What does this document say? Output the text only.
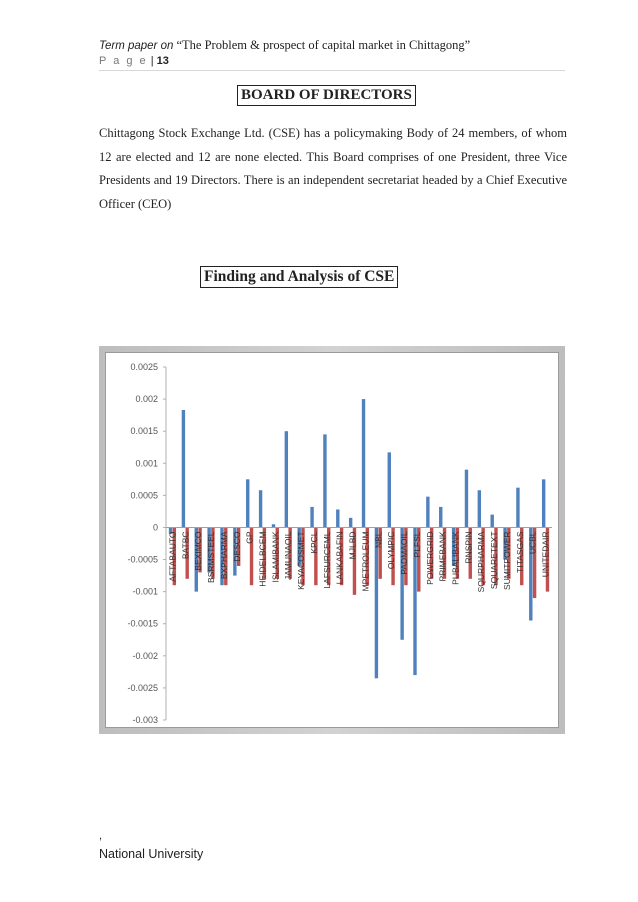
Term paper on “The Problem & prospect of capital market in Chittagong”
P a g e | 13
BOARD OF DIRECTORS
Chittagong Stock Exchange Ltd. (CSE) has a policymaking Body of 24 members, of whom 12 are elected and 12 are none elected. This Board comprises of one President, three Vice Presidents and 19 Directors. There is an independent secretariat headed by a Chief Executive Officer (CEO)
Finding and Analysis of CSE
0.0025
0.002
0.0015
0.001
0.0005
0
-0.0005
-0.001
-0.0015
-0.002
-0.0025
-0.003
AFTABAUTO BATBC BEXIMCO BSRMSTEEL BXPHARMA DESCO GP HEIDELBCEM ISLAMIBANK JAMUNAOIL KEYACOSMET KPCL LAFSURCEML LANKABAFIN MJLBD MPETROLEUM NBL OLYMPIC PADMAOIL PLFSL POWERGRID PRIMEBANK PUBALIBANK RNSPIN SQURPHARMA SQUARETEXT SUMITPOWER TITASGAS UCBL UNITEDAIR
,
National University
